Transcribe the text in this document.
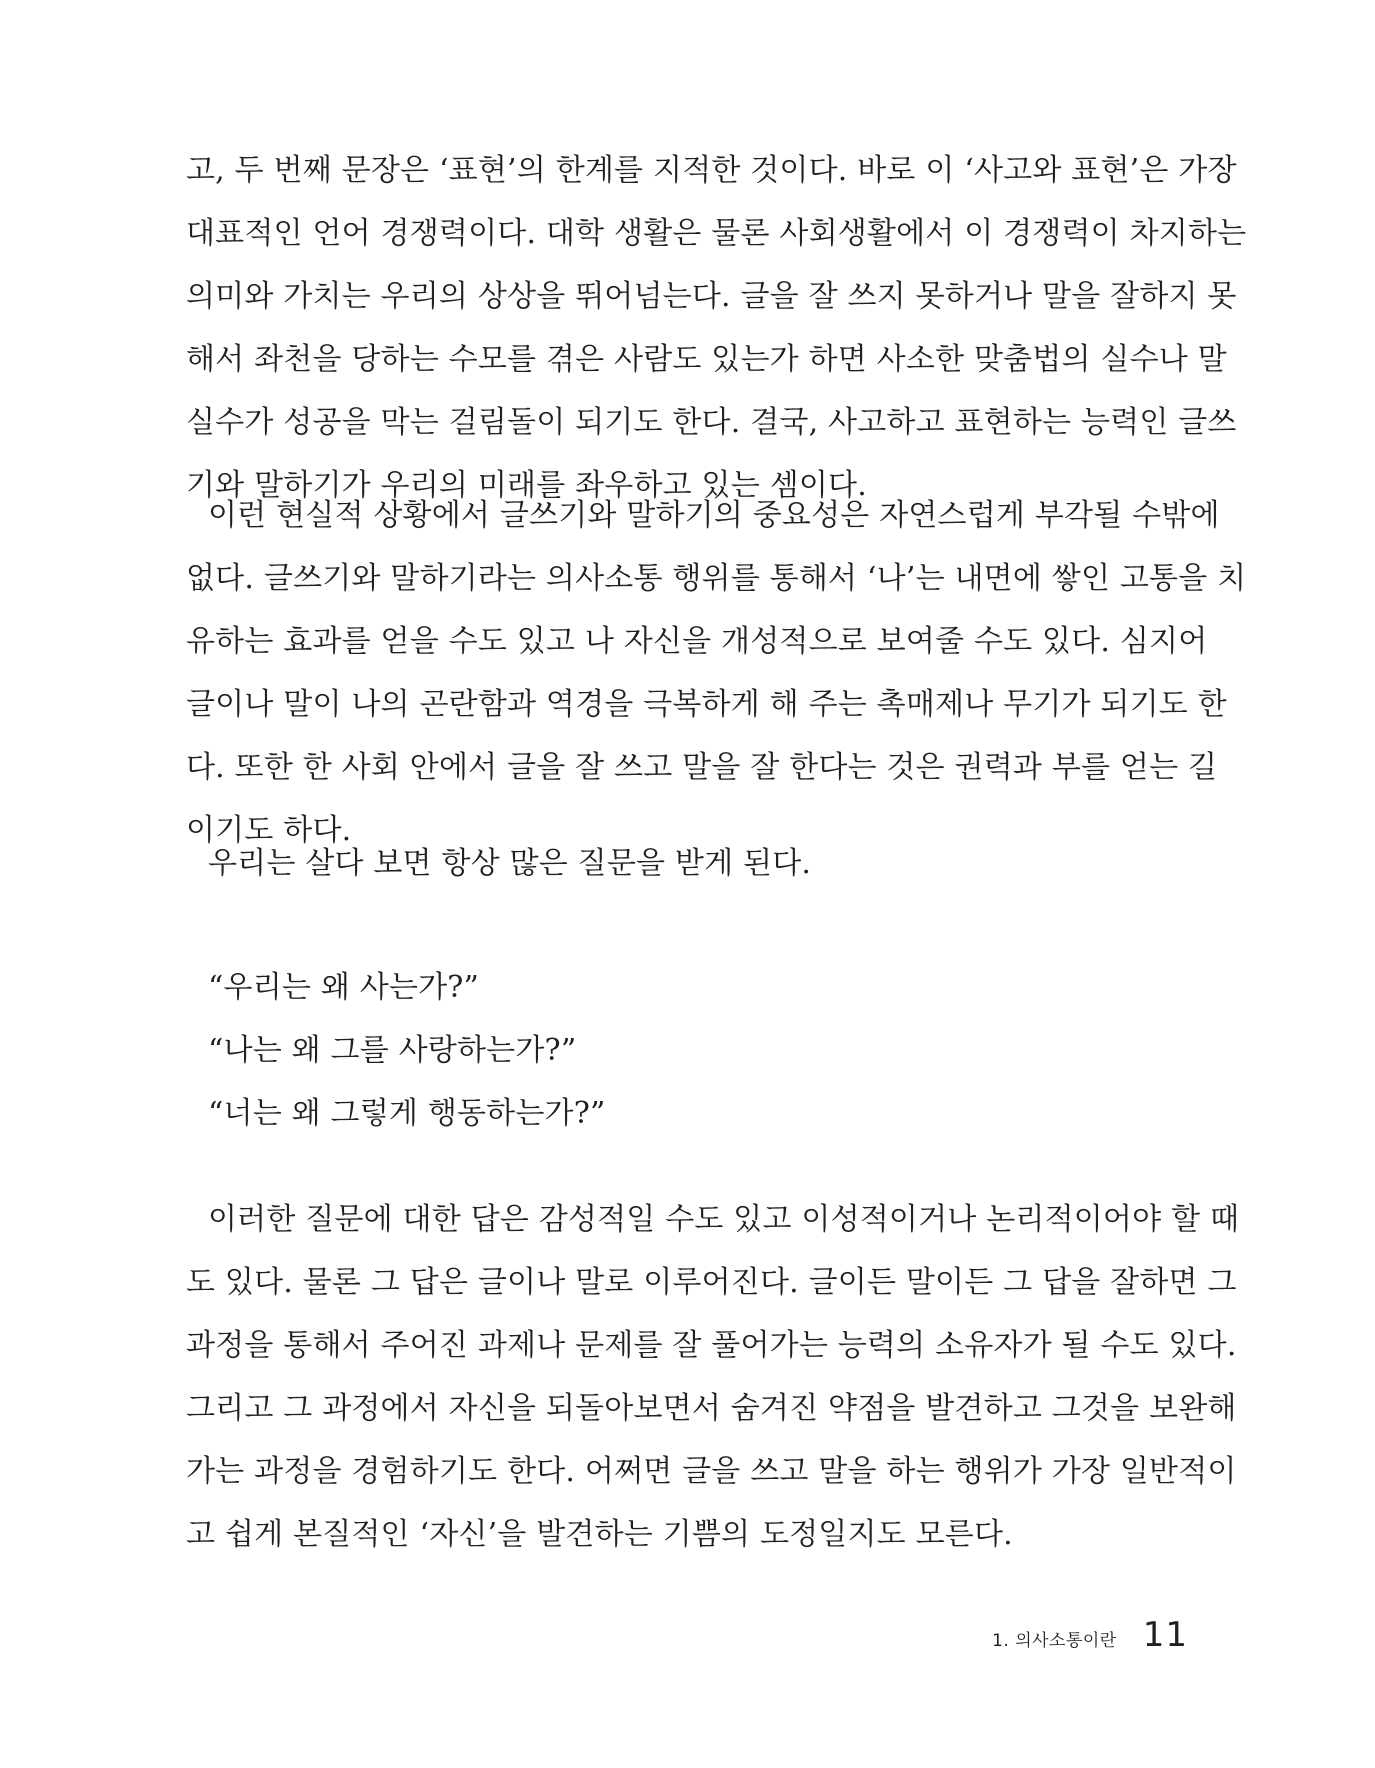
고, 두 번째 문장은 ‘표현’의 한계를 지적한 것이다. 바로 이 ‘사고와 표현’은 가장
대표적인 언어 경쟁력이다. 대학 생활은 물론 사회생활에서 이 경쟁력이 차지하는
의미와 가치는 우리의 상상을 뛰어넘는다. 글을 잘 쓰지 못하거나 말을 잘하지 못
해서 좌천을 당하는 수모를 겪은 사람도 있는가 하면 사소한 맞춤법의 실수나 말
실수가 성공을 막는 걸림돌이 되기도 한다. 결국, 사고하고 표현하는 능력인 글쓰
기와 말하기가 우리의 미래를 좌우하고 있는 셈이다.
이런 현실적 상황에서 글쓰기와 말하기의 중요성은 자연스럽게 부각될 수밖에
없다. 글쓰기와 말하기라는 의사소통 행위를 통해서 ‘나’는 내면에 쌓인 고통을 치
유하는 효과를 얻을 수도 있고 나 자신을 개성적으로 보여줄 수도 있다. 심지어
글이나 말이 나의 곤란함과 역경을 극복하게 해 주는 촉매제나 무기가 되기도 한
다. 또한 한 사회 안에서 글을 잘 쓰고 말을 잘 한다는 것은 권력과 부를 얻는 길
이기도 하다.
우리는 살다 보면 항상 많은 질문을 받게 된다.
“우리는 왜 사는가?”
“나는 왜 그를 사랑하는가?”
“너는 왜 그렇게 행동하는가?”
이러한 질문에 대한 답은 감성적일 수도 있고 이성적이거나 논리적이어야 할 때
도 있다. 물론 그 답은 글이나 말로 이루어진다. 글이든 말이든 그 답을 잘하면 그
과정을 통해서 주어진 과제나 문제를 잘 풀어가는 능력의 소유자가 될 수도 있다.
그리고 그 과정에서 자신을 되돌아보면서 숨겨진 약점을 발견하고 그것을 보완해
가는 과정을 경험하기도 한다. 어쩌면 글을 쓰고 말을 하는 행위가 가장 일반적이
고 쉽게 본질적인 ‘자신’을 발견하는 기쁨의 도정일지도 모른다.
1. 의사소통이란 11
